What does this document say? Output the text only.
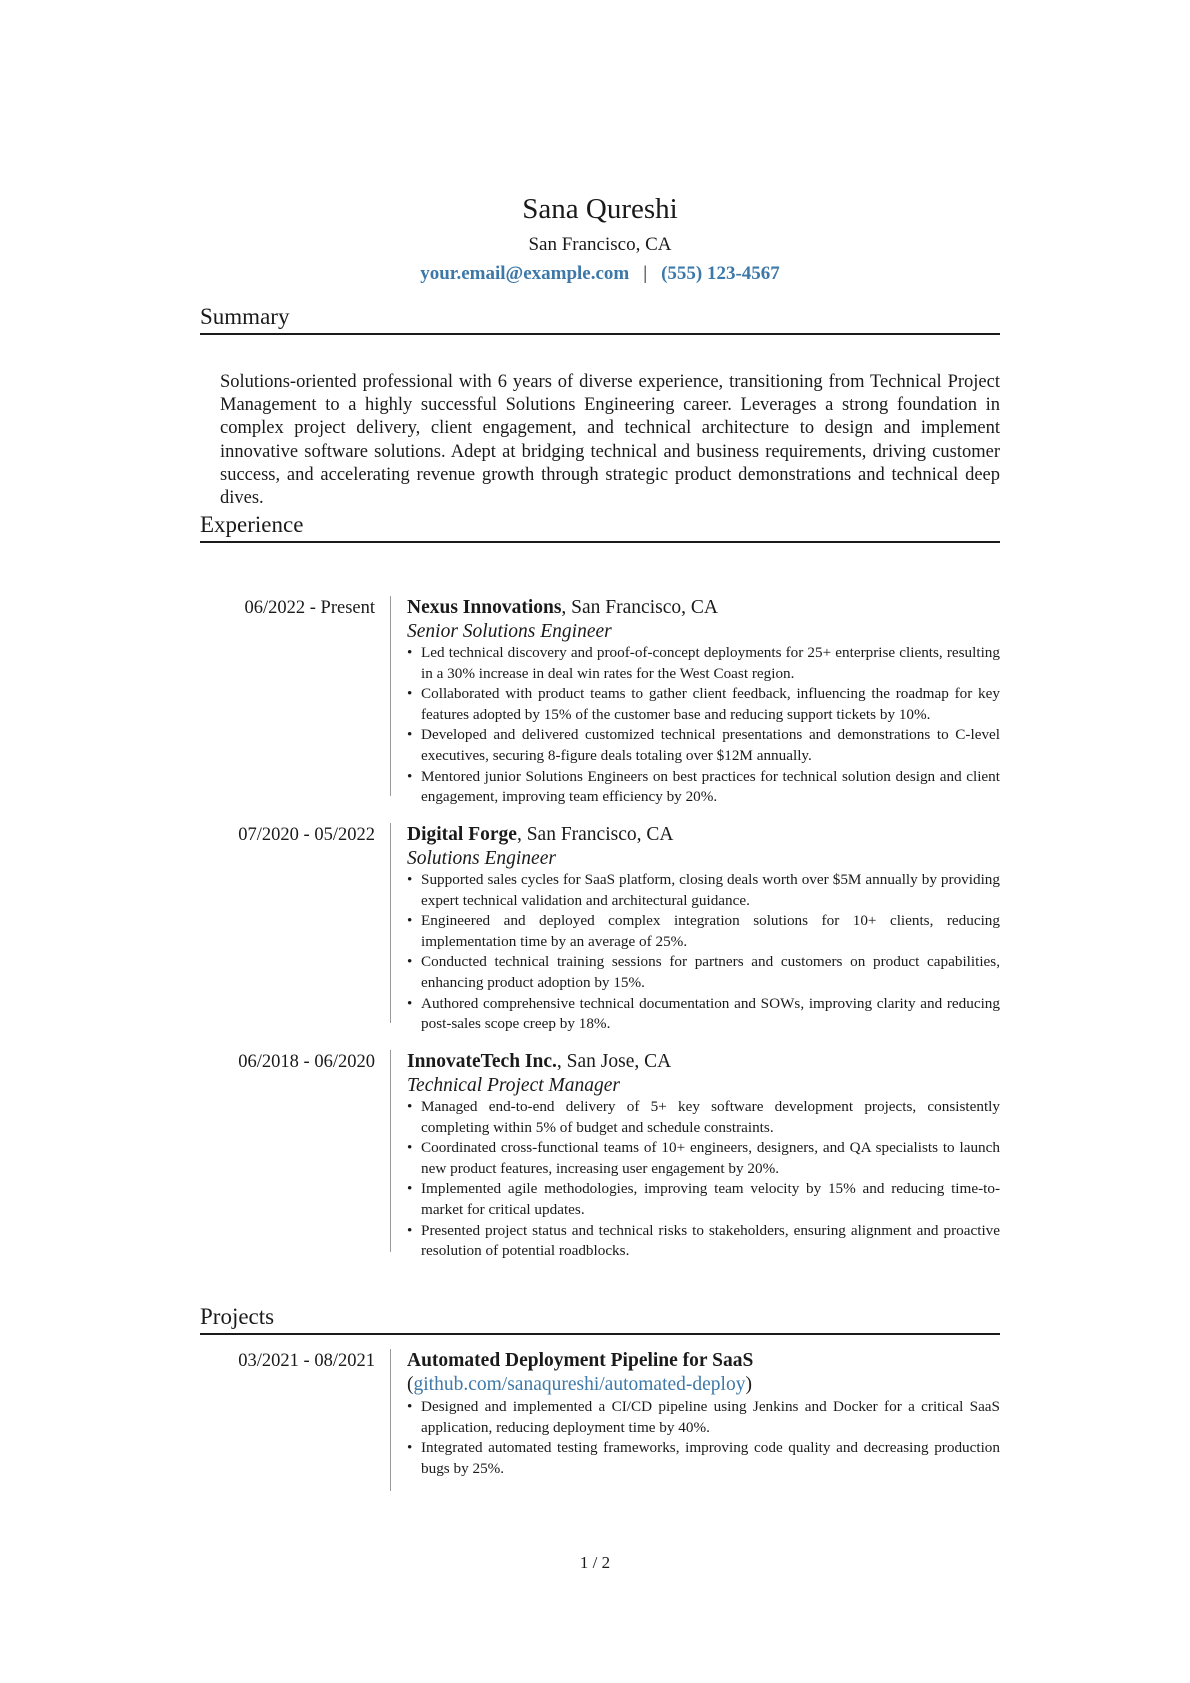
Sana Qureshi
San Francisco, CA
your.email@example.com | (555) 123-4567
Summary
Solutions-oriented professional with 6 years of diverse experience, transitioning from Technical Project Management to a highly successful Solutions Engineering career. Leverages a strong foundation in complex project delivery, client engagement, and technical architecture to design and implement innovative software solutions. Adept at bridging technical and business requirements, driving customer success, and accelerating revenue growth through strategic product demonstrations and technical deep dives.
Experience
06/2022 - Present Nexus Innovations, San Francisco, CA
Senior Solutions Engineer
• Led technical discovery and proof-of-concept deployments for 25+ enterprise clients, resulting in a 30% increase in deal win rates for the West Coast region.
• Collaborated with product teams to gather client feedback, influencing the roadmap for key features adopted by 15% of the customer base and reducing support tickets by 10%.
• Developed and delivered customized technical presentations and demonstrations to C-level executives, securing 8-figure deals totaling over $12M annually.
• Mentored junior Solutions Engineers on best practices for technical solution design and client engagement, improving team efficiency by 20%.
07/2020 - 05/2022 Digital Forge, San Francisco, CA
Solutions Engineer
• Supported sales cycles for SaaS platform, closing deals worth over $5M annually by providing expert technical validation and architectural guidance.
• Engineered and deployed complex integration solutions for 10+ clients, reducing implementation time by an average of 25%.
• Conducted technical training sessions for partners and customers on product capabilities, enhancing product adoption by 15%.
• Authored comprehensive technical documentation and SOWs, improving clarity and reducing post-sales scope creep by 18%.
06/2018 - 06/2020 InnovateTech Inc., San Jose, CA
Technical Project Manager
• Managed end-to-end delivery of 5+ key software development projects, consistently completing within 5% of budget and schedule constraints.
• Coordinated cross-functional teams of 10+ engineers, designers, and QA specialists to launch new product features, increasing user engagement by 20%.
• Implemented agile methodologies, improving team velocity by 15% and reducing time-to-market for critical updates.
• Presented project status and technical risks to stakeholders, ensuring alignment and proactive resolution of potential roadblocks.
Projects
03/2021 - 08/2021 Automated Deployment Pipeline for SaaS (github.com/sanaqureshi/automated-deploy)
• Designed and implemented a CI/CD pipeline using Jenkins and Docker for a critical SaaS application, reducing deployment time by 40%.
• Integrated automated testing frameworks, improving code quality and decreasing production bugs by 25%.
1 / 2
